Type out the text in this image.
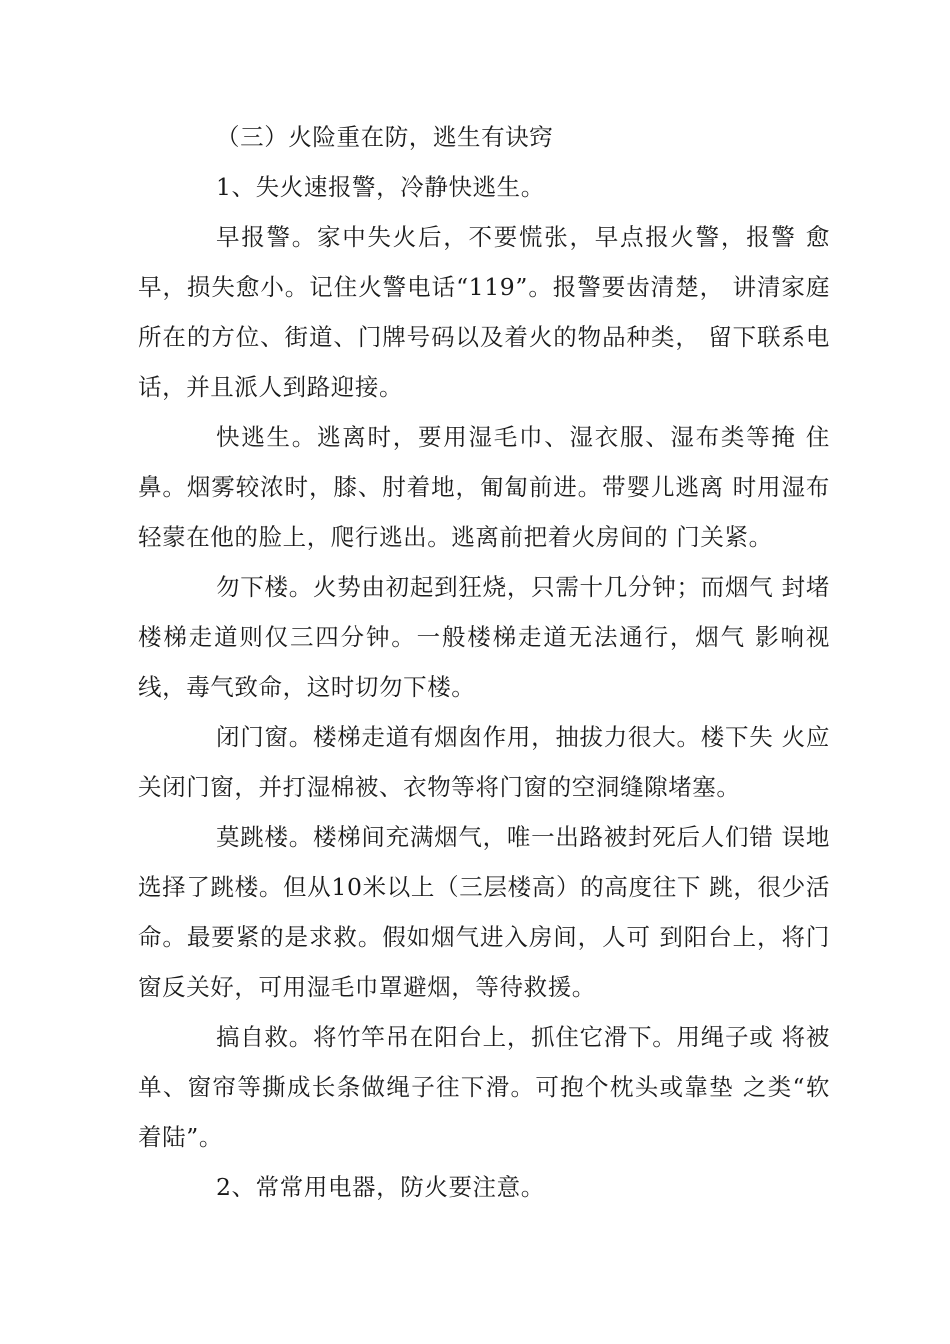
（三）火险重在防，逃生有诀窍

1、失火速报警，冷静快逃生。

早报警。家中失火后，不要慌张，早点报火警，报警 愈早，损失愈小。记住火警电话“119”。报警要齿清楚， 讲清家庭所在的方位、街道、门牌号码以及着火的物品种类， 留下联系电话，并且派人到路迎接。

快逃生。逃离时，要用湿毛巾、湿衣服、湿布类等掩 住鼻。烟雾较浓时，膝、肘着地，匍匐前进。带婴儿逃离 时用湿布轻蒙在他的脸上，爬行逃出。逃离前把着火房间的 门关紧。

勿下楼。火势由初起到狂烧，只需十几分钟；而烟气 封堵楼梯走道则仅三四分钟。一般楼梯走道无法通行，烟气 影响视线，毒气致命，这时切勿下楼。

闭门窗。楼梯走道有烟囱作用，抽拔力很大。楼下失 火应关闭门窗，并打湿棉被、衣物等将门窗的空洞缝隙堵塞。

莫跳楼。楼梯间充满烟气，唯一出路被封死后人们错 误地选择了跳楼。但从10米以上（三层楼高）的高度往下 跳，很少活命。最要紧的是求救。假如烟气进入房间，人可 到阳台上，将门窗反关好，可用湿毛巾罩避烟，等待救援。

搞自救。将竹竿吊在阳台上，抓住它滑下。用绳子或 将被单、窗帘等撕成长条做绳子往下滑。可抱个枕头或靠垫 之类“软着陆”。

2、常常用电器，防火要注意。
